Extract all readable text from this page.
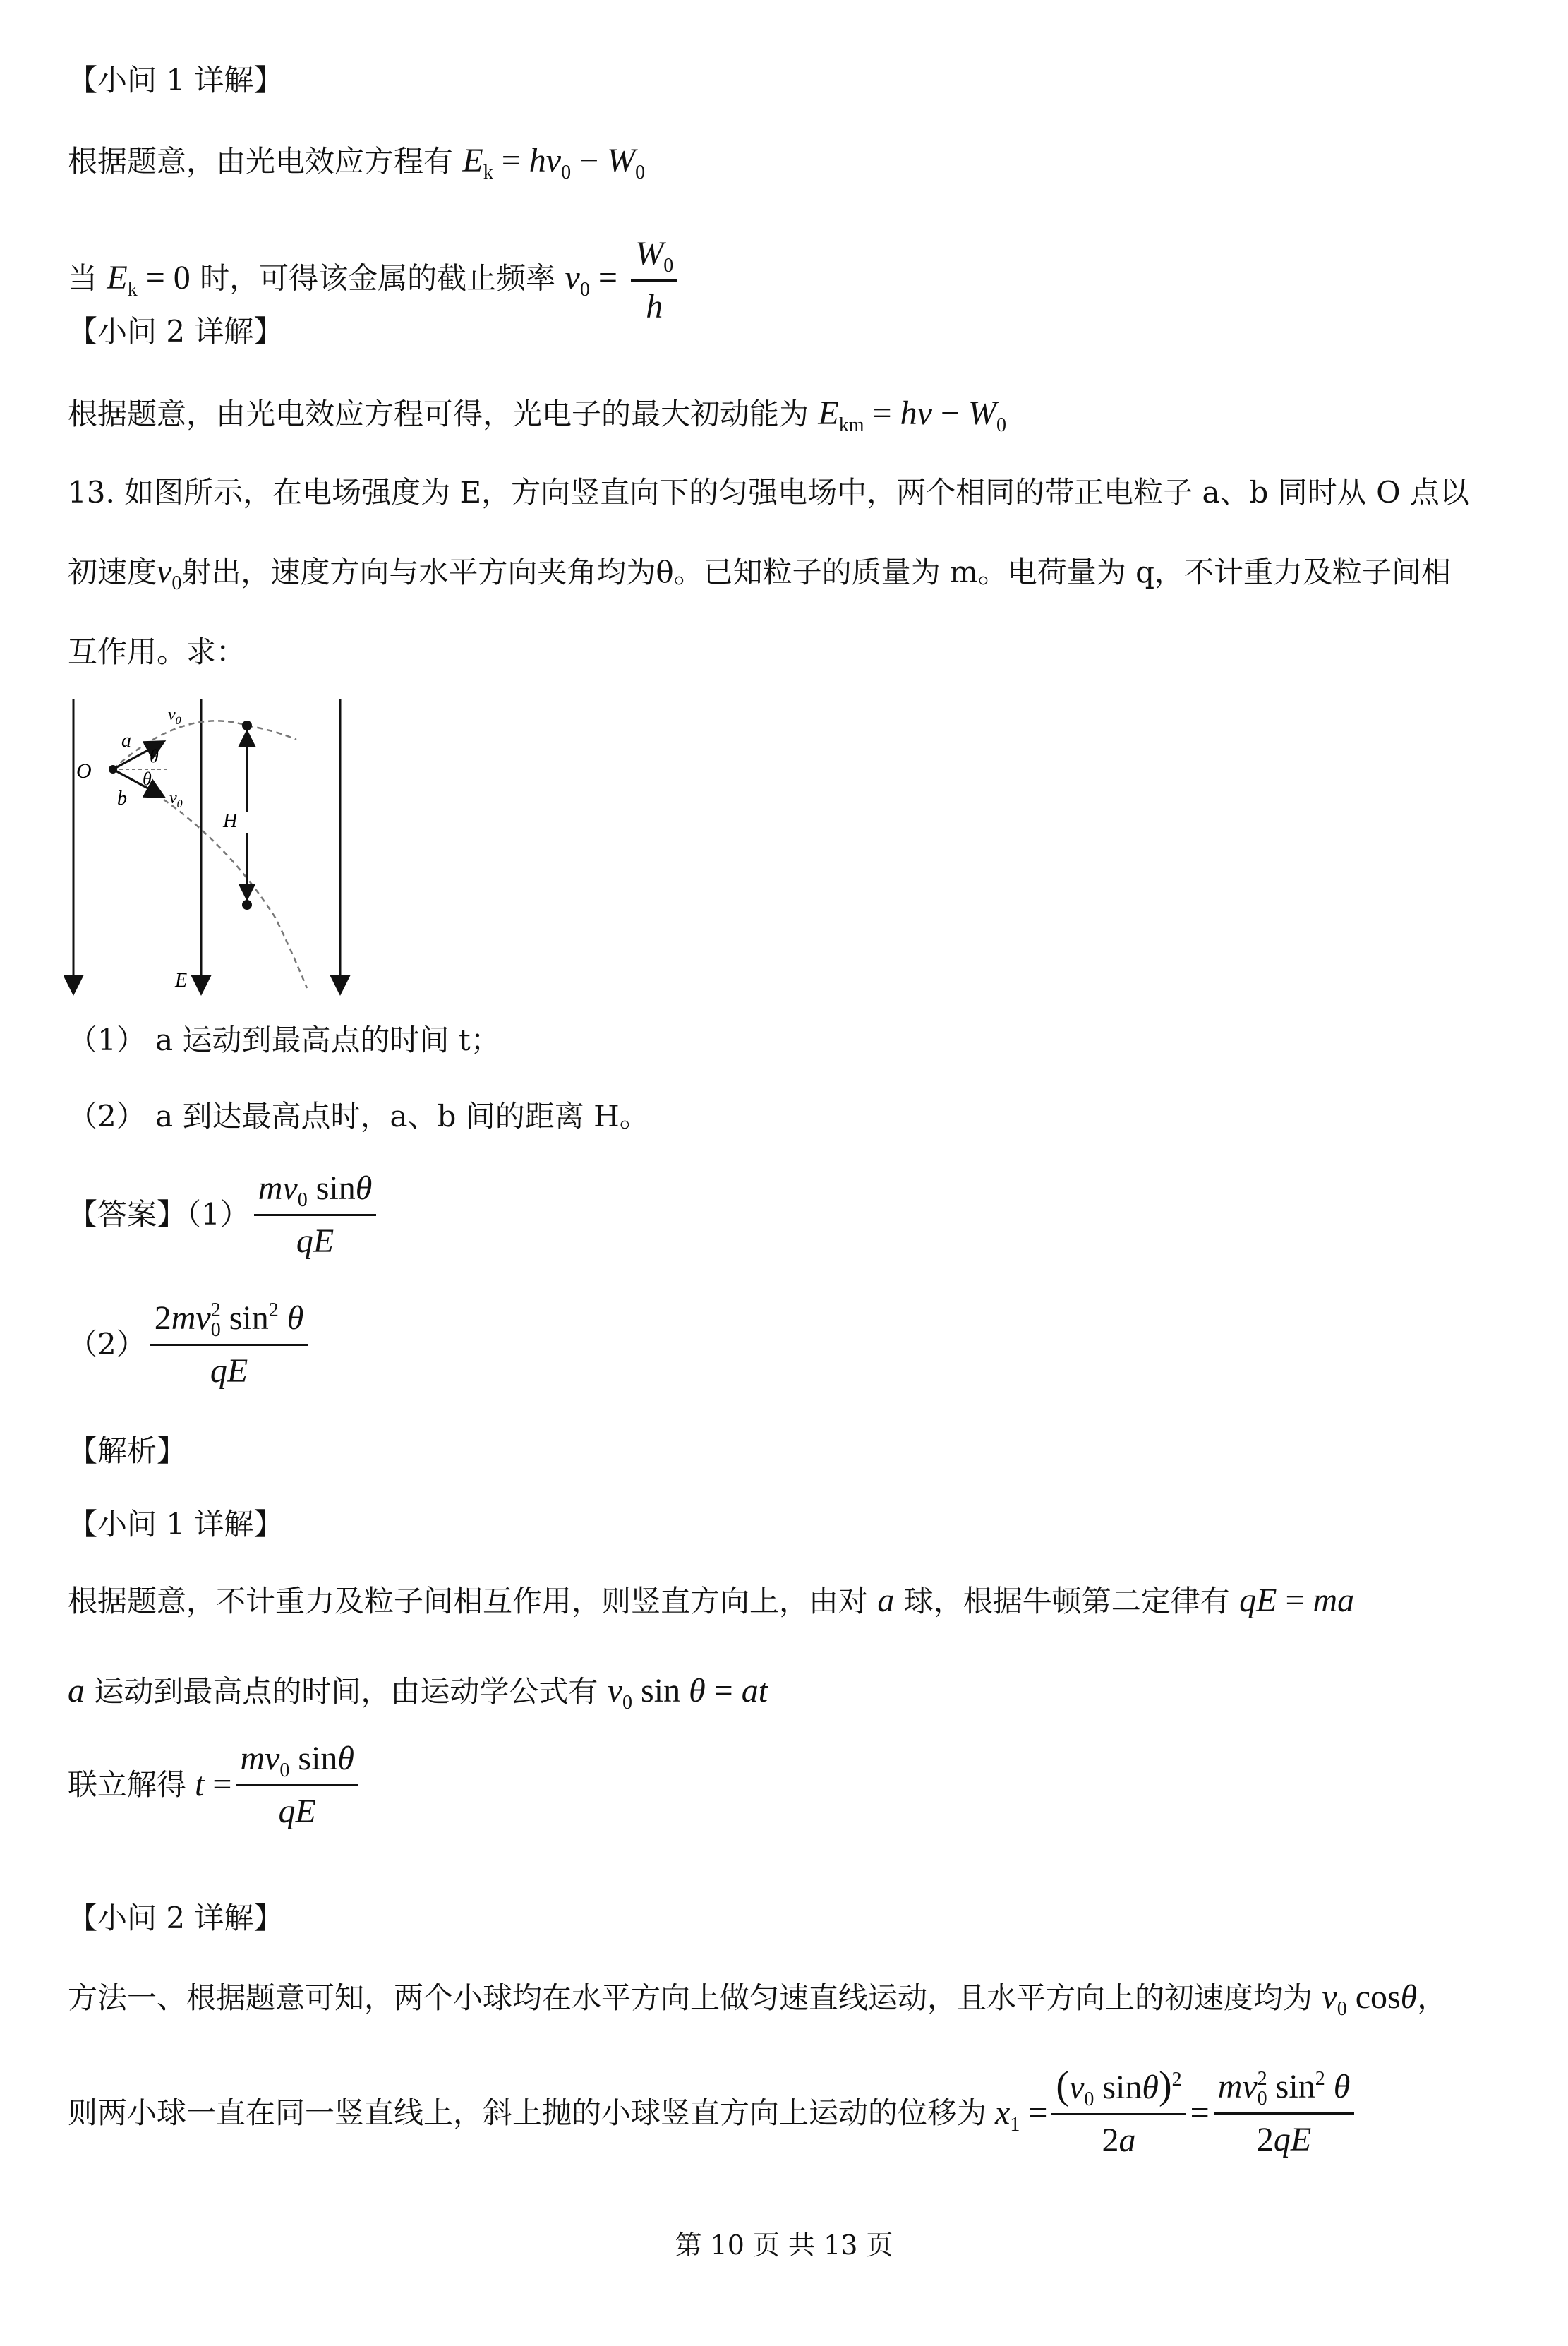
【小问 1 详解】
根据题意，由光电效应方程有 $E_k = h\nu_0 - W_0$
当 $E_k = 0$ 时，可得该金属的截止频率 $\nu_0 = \frac{W_0}{h}$
【小问 2 详解】
根据题意，由光电效应方程可得，光电子的最大初动能为 $E_{km} = h\nu - W_0$
13. 如图所示，在电场强度为 E，方向竖直向下的匀强电场中，两个相同的带正电粒子 a、b 同时从 O 点以
初速度$v_0$射出，速度方向与水平方向夹角均为θ。已知粒子的质量为 m。电荷量为 q，不计重力及粒子间相
互作用。求：
O
a
b
$v_0$
$v_0$
θ
θ
H
E
（1） a 运动到最高点的时间 t；
（2） a 到达最高点时，a、b 间的距离 H。
【答案】$(1) \frac{mv_0 \sin\theta}{qE}$
$(2) \frac{2mv_0^2 \sin^2 \theta}{qE}$
【解析】
【小问 1 详解】
根据题意，不计重力及粒子间相互作用，则竖直方向上，由对 a 球，根据牛顿第二定律有 qE = ma
a 运动到最高点的时间，由运动学公式有 $v_0$ sin θ = at
联立解得 $t = \frac{mv_0 \sin\theta}{qE}$
【小问 2 详解】
方法一、根据题意可知，两个小球均在水平方向上做匀速直线运动，且水平方向上的初速度均为 $v_0$ cosθ，
则两小球一直在同一竖直线上，斜上抛的小球竖直方向上运动的位移为 $x_1 = \frac{(v_0 \sin\theta)^2}{2a} = \frac{mv_0^2 \sin^2 \theta}{2qE}$
第 10 页 共 13 页
